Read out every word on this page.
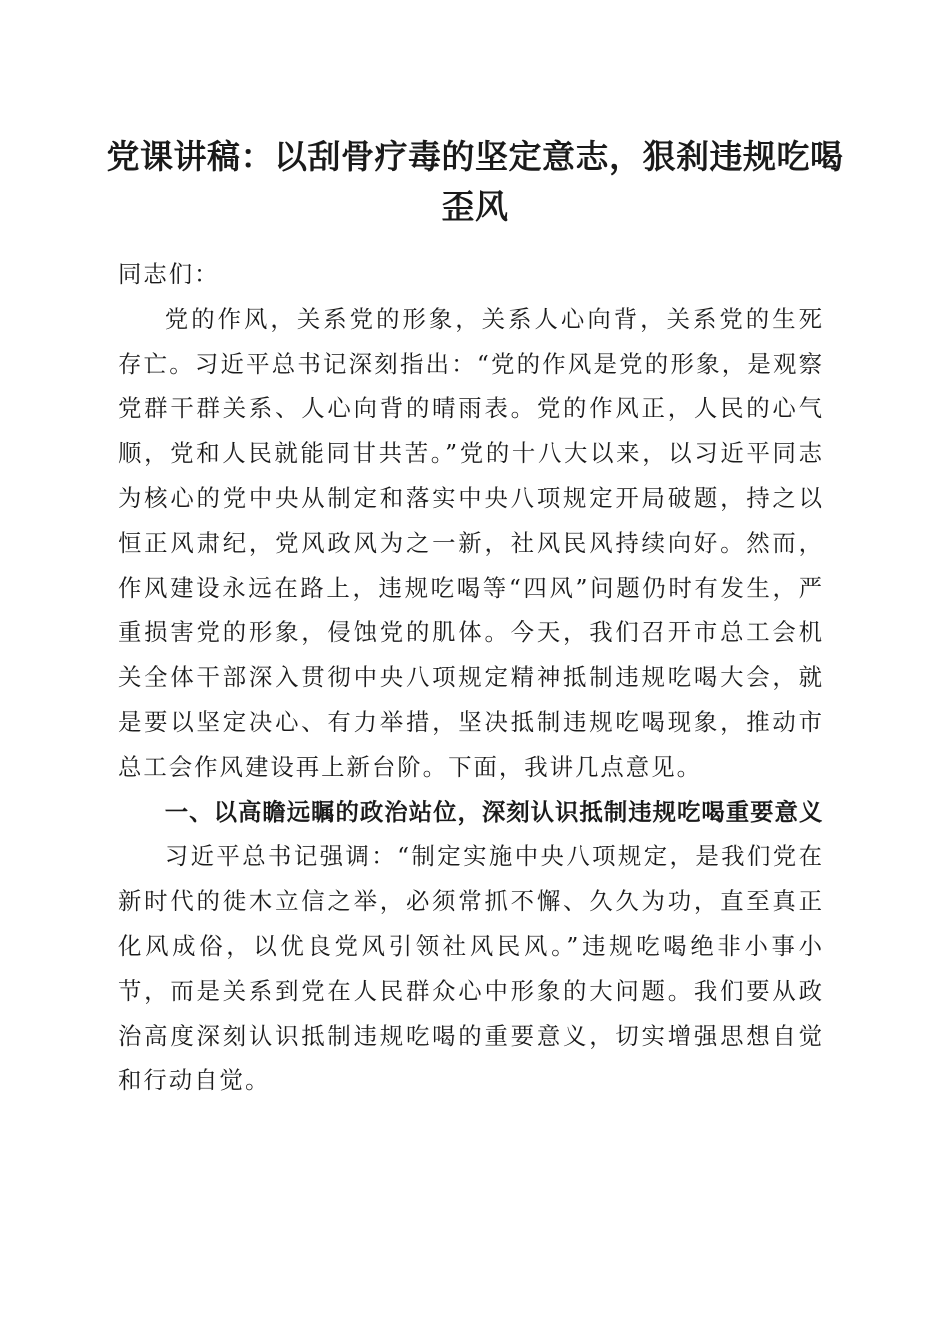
党课讲稿：以刮骨疗毒的坚定意志，狠刹违规吃喝歪风

同志们：

党的作风，关系党的形象，关系人心向背，关系党的生死存亡。习近平总书记深刻指出：“党的作风是党的形象，是观察党群干群关系、人心向背的晴雨表。党的作风正，人民的心气顺，党和人民就能同甘共苦。”党的十八大以来，以习近平同志为核心的党中央从制定和落实中央八项规定开局破题，持之以恒正风肃纪，党风政风为之一新，社风民风持续向好。然而，作风建设永远在路上，违规吃喝等“四风”问题仍时有发生，严重损害党的形象，侵蚀党的肌体。今天，我们召开市总工会机关全体干部深入贯彻中央八项规定精神抵制违规吃喝大会，就是要以坚定决心、有力举措，坚决抵制违规吃喝现象，推动市总工会作风建设再上新台阶。下面，我讲几点意见。

一、以高瞻远瞩的政治站位，深刻认识抵制违规吃喝重要意义

习近平总书记强调：“制定实施中央八项规定，是我们党在新时代的徙木立信之举，必须常抓不懈、久久为功，直至真正化风成俗，以优良党风引领社风民风。”违规吃喝绝非小事小节，而是关系到党在人民群众心中形象的大问题。我们要从政治高度深刻认识抵制违规吃喝的重要意义，切实增强思想自觉和行动自觉。
